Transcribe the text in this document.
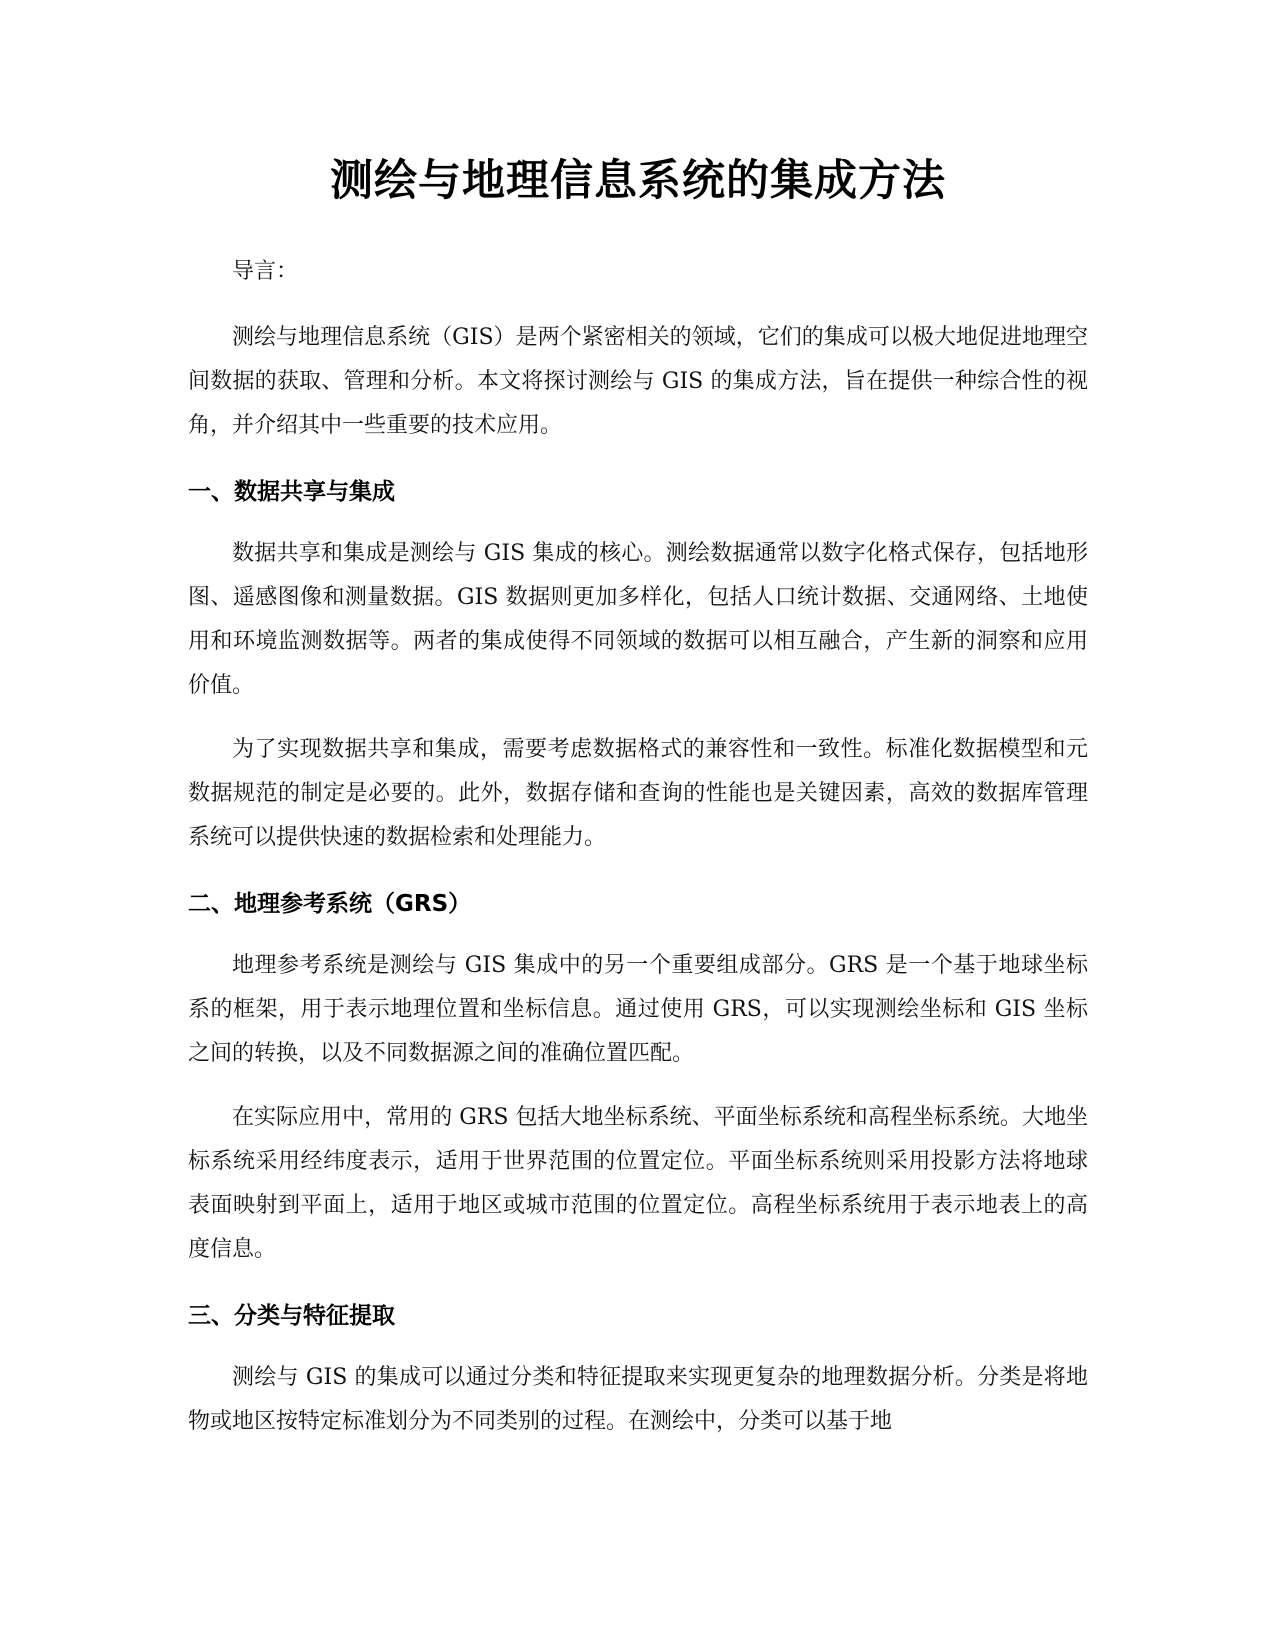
测绘与地理信息系统的集成方法

导言：

测绘与地理信息系统（GIS）是两个紧密相关的领域，它们的集成可以极大地促进地理空间数据的获取、管理和分析。本文将探讨测绘与 GIS 的集成方法，旨在提供一种综合性的视角，并介绍其中一些重要的技术应用。

一、数据共享与集成

数据共享和集成是测绘与 GIS 集成的核心。测绘数据通常以数字化格式保存，包括地形图、遥感图像和测量数据。GIS 数据则更加多样化，包括人口统计数据、交通网络、土地使用和环境监测数据等。两者的集成使得不同领域的数据可以相互融合，产生新的洞察和应用价值。

为了实现数据共享和集成，需要考虑数据格式的兼容性和一致性。标准化数据模型和元数据规范的制定是必要的。此外，数据存储和查询的性能也是关键因素，高效的数据库管理系统可以提供快速的数据检索和处理能力。

二、地理参考系统（GRS）

地理参考系统是测绘与 GIS 集成中的另一个重要组成部分。GRS 是一个基于地球坐标系的框架，用于表示地理位置和坐标信息。通过使用 GRS，可以实现测绘坐标和 GIS 坐标之间的转换，以及不同数据源之间的准确位置匹配。

在实际应用中，常用的 GRS 包括大地坐标系统、平面坐标系统和高程坐标系统。大地坐标系统采用经纬度表示，适用于世界范围的位置定位。平面坐标系统则采用投影方法将地球表面映射到平面上，适用于地区或城市范围的位置定位。高程坐标系统用于表示地表上的高度信息。

三、分类与特征提取

测绘与 GIS 的集成可以通过分类和特征提取来实现更复杂的地理数据分析。分类是将地物或地区按特定标准划分为不同类别的过程。在测绘中，分类可以基于地
